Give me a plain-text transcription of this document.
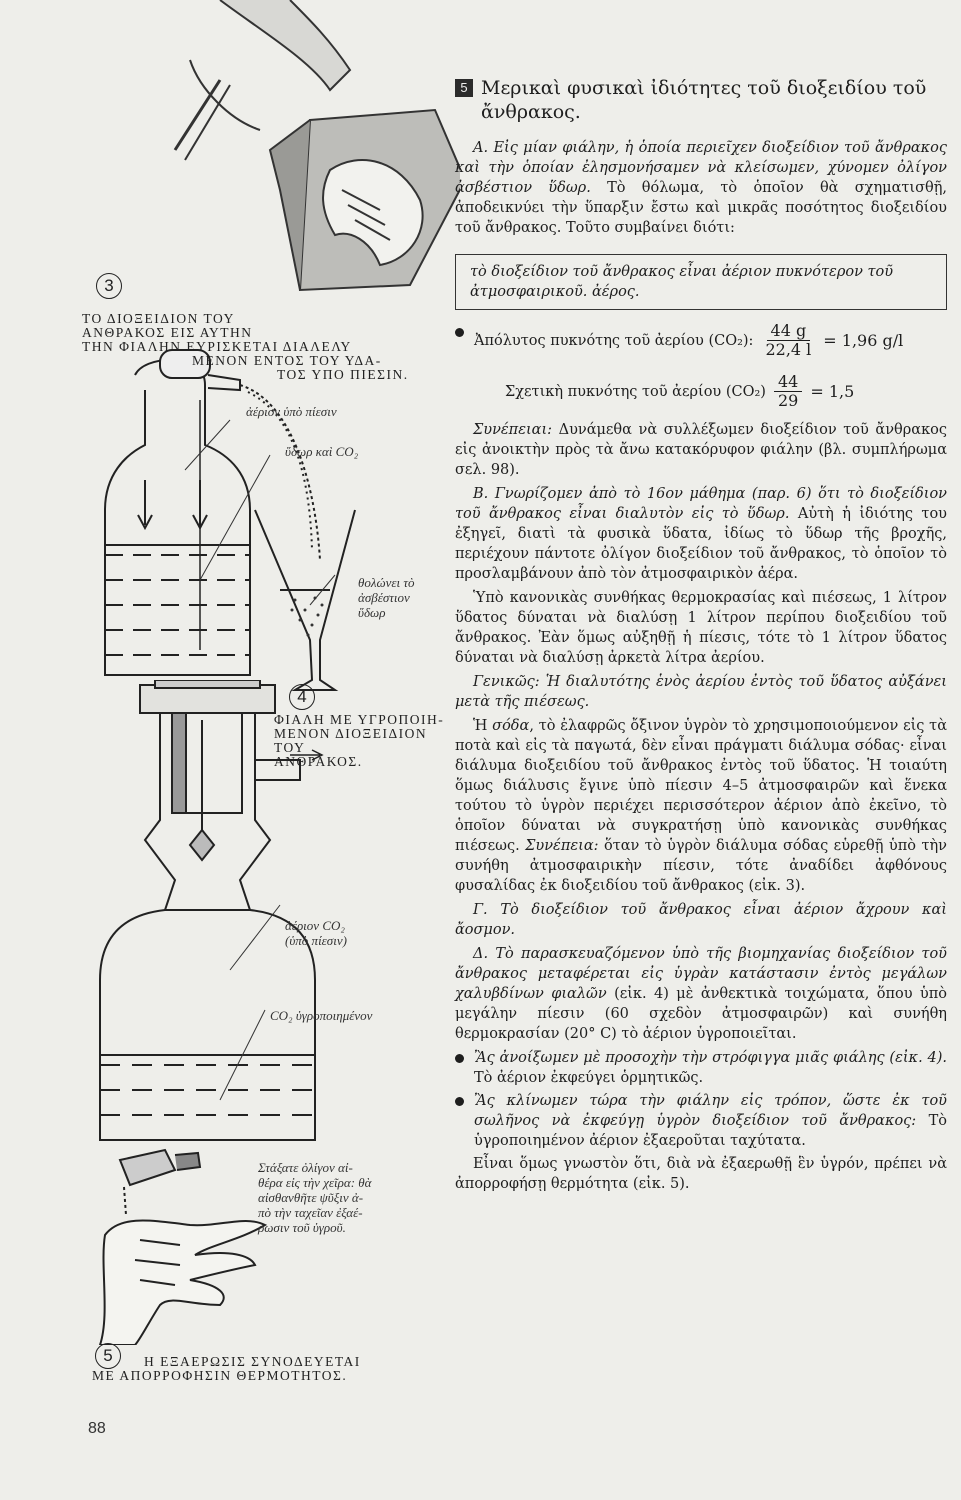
3
ΤΟ ΔΙΟΞΕΙΔΙΟΝ ΤΟΥ
ΑΝΘΡΑΚΟΣ ΕΙΣ ΑΥΤΗΝ
ΤΗΝ ΦΙΑΛΗΝ ΕΥΡΙΣΚΕΤΑΙ ΔΙΑΛΕΛΥ
ΜΕΝΟΝ ΕΝΤΟΣ ΤΟΥ ΥΔΑ-
ΤΟΣ ΥΠΟ ΠΙΕΣΙΝ.
ἀέριον ὑπὸ πίεσιν
ὕδωρ καὶ CO₂
θολώνει τὸ
ἀσβέστιον
ὕδωρ
4
ΦΙΑΛΗ ΜΕ ΥΓΡΟΠΟΙΗ-
ΜΕΝΟΝ ΔΙΟΞΕΙΔΙΟΝ ΤΟΥ
ΑΝΘΡΑΚΟΣ.
ἀέριον CO₂
(ὑπὸ πίεσιν)
CO₂ ὑγροποιημένον
Στάξατε ὀλίγον αἰ-
θέρα εἰς τὴν χεῖρα: θὰ
αἰσθανθῆτε ψῦξιν ἀ-
πὸ τὴν ταχεῖαν ἐξαέ-
ρωσιν τοῦ ὑγροῦ.
5	Η ΕΞΑΕΡΩΣΙΣ ΣΥΝΟΔΕΥΕΤΑΙ
ΜΕ ΑΠΟΡΡΟΦΗΣΙΝ ΘΕΡΜΟΤΗΤΟΣ.
88
5 Μερικαὶ φυσικαὶ ἰδιότητες τοῦ διοξειδίου τοῦ ἄνθρακος.

Α. Εἰς μίαν φιάλην, ἡ ὁποία περιεῖχεν διοξείδιον τοῦ ἄνθρακος καὶ τὴν ὁποίαν ἐλησμονήσαμεν νὰ κλείσωμεν, χύνομεν ὀλίγον ἀσβέστιον ὕδωρ. Τὸ θόλωμα, τὸ ὁποῖον θὰ σχηματισθῇ, ἀποδεικνύει τὴν ὕπαρξιν ἔστω καὶ μικρᾶς ποσότητος διοξειδίου τοῦ ἄνθρακος. Τοῦτο συμβαίνει διότι:

τὸ διοξείδιον τοῦ ἄνθρακος εἶναι ἀέριον πυκνότερον τοῦ ἀτμοσφαιρικοῦ. ἀέρος.
Ἀπόλυτος πυκνότης τοῦ ἀερίου (CO₂): $\frac{44 g}{22,4 l} = 1,96$ g/l
Σχετικὴ πυκνότης τοῦ ἀερίου $(CO_2) \frac{44}{29} = 1,5$

Συνέπειαι: Δυνάμεθα νὰ συλλέξωμεν διοξείδιον τοῦ ἄνθρακος εἰς ἀνοικτὴν πρὸς τὰ ἄνω κατακόρυφον φιάλην (βλ. συμπλήρωμα σελ. 98).

Β. Γνωρίζομεν ἀπὸ τὸ 16ον μάθημα (παρ. 6) ὅτι τὸ διοξείδιον τοῦ ἄνθρακος εἶναι διαλυτὸν εἰς τὸ ὕδωρ. Αὐτὴ ἡ ἰδιότης του ἐξηγεῖ, διατὶ τὰ φυσικὰ ὕδατα, ἰδίως τὸ ὕδωρ τῆς βροχῆς, περιέχουν πάντοτε ὀλίγον διοξείδιον τοῦ ἄνθρακος, τὸ ὁποῖον τὸ προσλαμβάνουν ἀπὸ τὸν ἀτμοσφαιρικὸν ἀέρα.

Ὑπὸ κανονικὰς συνθήκας θερμοκρασίας καὶ πιέσεως, 1 λίτρον ὕδατος δύναται νὰ διαλύσῃ 1 λίτρον περίπου διοξειδίου τοῦ ἄνθρακος. Ἐὰν ὅμως αὐξηθῇ ἡ πίεσις, τότε τὸ 1 λίτρον ὕδατος δύναται νὰ διαλύσῃ ἀρκετὰ λίτρα ἀερίου.

Γενικῶς: Ἡ διαλυτότης ἑνὸς ἀερίου ἐντὸς τοῦ ὕδατος αὐξάνει μετὰ τῆς πιέσεως.

Ἡ σόδα, τὸ ἐλαφρῶς ὄξινον ὑγρὸν τὸ χρησιμοποιούμενον εἰς τὰ ποτὰ καὶ εἰς τὰ παγωτά, δὲν εἶναι πράγματι διάλυμα σόδας· εἶναι διάλυμα διοξειδίου τοῦ ἄνθρακος ἐντὸς τοῦ ὕδατος. Ἡ τοιαύτη ὅμως διάλυσις ἔγινε ὑπὸ πίεσιν 4–5 ἀτμοσφαιρῶν καὶ ἕνεκα τούτου τὸ ὑγρὸν περιέχει περισσότερον ἀέριον ἀπὸ ἐκεῖνο, τὸ ὁποῖον δύναται νὰ συγκρατήσῃ ὑπὸ κανονικὰς συνθήκας πιέσεως. Συνέπεια: ὅταν τὸ ὑγρὸν διάλυμα σόδας εὑρεθῇ ὑπὸ τὴν συνήθη ἀτμοσφαιρικὴν πίεσιν, τότε ἀναδίδει ἀφθόνους φυσαλίδας ἐκ διοξειδίου τοῦ ἄνθρακος (εἰκ. 3).

Γ. Τὸ διοξείδιον τοῦ ἄνθρακος εἶναι ἀέριον ἄχρουν καὶ ἄοσμον.

Δ. Τὸ παρασκευαζόμενον ὑπὸ τῆς βιομηχανίας διοξείδιον τοῦ ἄνθρακος μεταφέρεται εἰς ὑγρὰν κατάστασιν ἐντὸς μεγάλων χαλυβδίνων φιαλῶν (εἰκ. 4) μὲ ἀνθεκτικὰ τοιχώματα, ὅπου ὑπὸ μεγάλην πίεσιν (60 σχεδὸν ἀτμοσφαιρῶν) καὶ συνήθη θερμοκρασίαν (20° C) τὸ ἀέριον ὑγροποιεῖται.

Ἂς ἀνοίξωμεν μὲ προσοχὴν τὴν στρόφιγγα μιᾶς φιάλης (εἰκ. 4). Τὸ ἀέριον ἐκφεύγει ὁρμητικῶς.
Ἂς κλίνωμεν τώρα τὴν φιάλην εἰς τρόπον, ὥστε ἐκ τοῦ σωλῆνος νὰ ἐκφεύγῃ ὑγρὸν διοξείδιον τοῦ ἄνθρακος: Τὸ ὑγροποιημένον ἀέριον ἐξαεροῦται ταχύτατα.

Εἶναι ὅμως γνωστὸν ὅτι, διὰ νὰ ἐξαερωθῇ ἓν ὑγρόν, πρέπει νὰ ἀπορροφήσῃ θερμότητα (εἰκ. 5).
